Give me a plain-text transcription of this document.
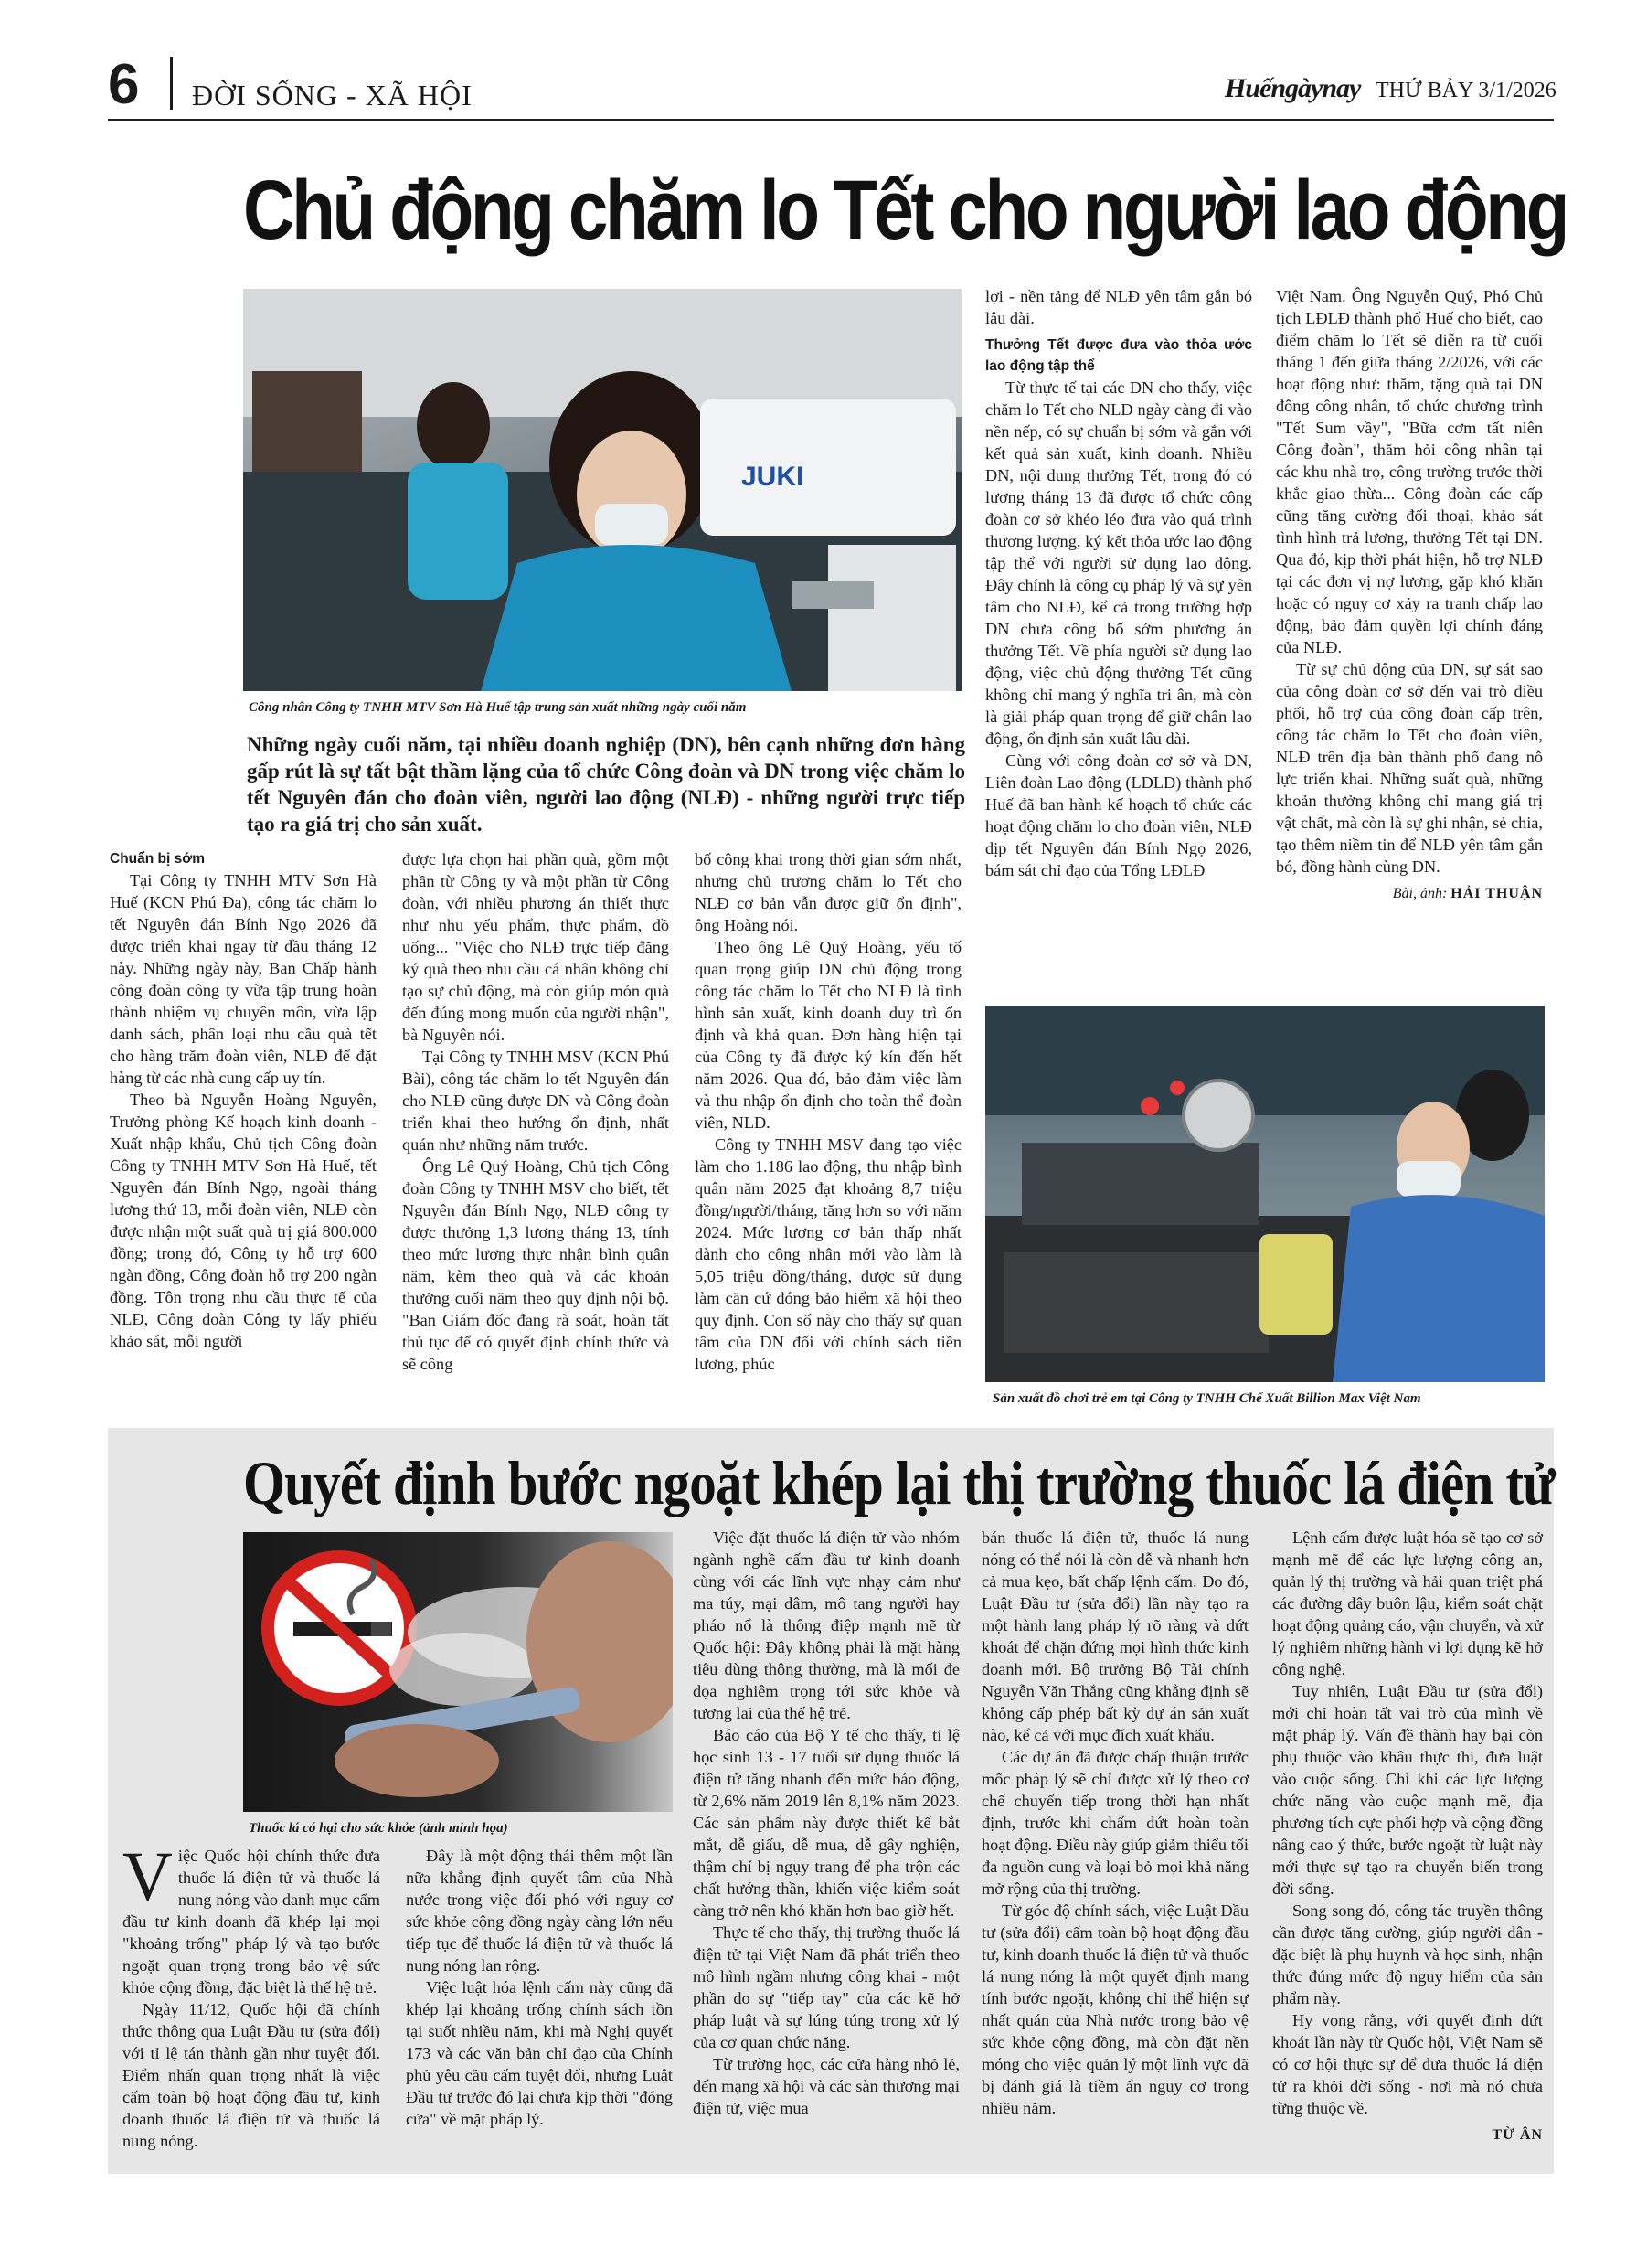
6 ĐỜI SỐNG - XÃ HỘI	Huếngàynay THỨ BẢY 3/1/2026
Chủ động chăm lo Tết cho người lao động
JUKI
Công nhân Công ty TNHH MTV Sơn Hà Huế tập trung sản xuất những ngày cuối năm
Những ngày cuối năm, tại nhiều doanh nghiệp (DN), bên cạnh những đơn hàng gấp rút là sự tất bật thầm lặng của tổ chức Công đoàn và DN trong việc chăm lo tết Nguyên đán cho đoàn viên, người lao động (NLĐ) - những người trực tiếp tạo ra giá trị cho sản xuất.
Chuẩn bị sớm

Tại Công ty TNHH MTV Sơn Hà Huế (KCN Phú Đa), công tác chăm lo tết Nguyên đán Bính Ngọ 2026 đã được triển khai ngay từ đầu tháng 12 này. Những ngày này, Ban Chấp hành công đoàn công ty vừa tập trung hoàn thành nhiệm vụ chuyên môn, vừa lập danh sách, phân loại nhu cầu quà tết cho hàng trăm đoàn viên, NLĐ để đặt hàng từ các nhà cung cấp uy tín.

Theo bà Nguyễn Hoàng Nguyên, Trưởng phòng Kế hoạch kinh doanh - Xuất nhập khẩu, Chủ tịch Công đoàn Công ty TNHH MTV Sơn Hà Huế, tết Nguyên đán Bính Ngọ, ngoài tháng lương thứ 13, mỗi đoàn viên, NLĐ còn được nhận một suất quà trị giá 800.000 đồng; trong đó, Công ty hỗ trợ 600 ngàn đồng, Công đoàn hỗ trợ 200 ngàn đồng. Tôn trọng nhu cầu thực tế của NLĐ, Công đoàn Công ty lấy phiếu khảo sát, mỗi người

được lựa chọn hai phần quà, gồm một phần từ Công ty và một phần từ Công đoàn, với nhiều phương án thiết thực như nhu yếu phẩm, thực phẩm, đồ uống... "Việc cho NLĐ trực tiếp đăng ký quà theo nhu cầu cá nhân không chỉ tạo sự chủ động, mà còn giúp món quà đến đúng mong muốn của người nhận", bà Nguyên nói.

Tại Công ty TNHH MSV (KCN Phú Bài), công tác chăm lo tết Nguyên đán cho NLĐ cũng được DN và Công đoàn triển khai theo hướng ổn định, nhất quán như những năm trước.

Ông Lê Quý Hoàng, Chủ tịch Công đoàn Công ty TNHH MSV cho biết, tết Nguyên đán Bính Ngọ, NLĐ công ty được thưởng 1,3 lương tháng 13, tính theo mức lương thực nhận bình quân năm, kèm theo quà và các khoản thưởng cuối năm theo quy định nội bộ. "Ban Giám đốc đang rà soát, hoàn tất thủ tục để có quyết định chính thức và sẽ công

bố công khai trong thời gian sớm nhất, nhưng chủ trương chăm lo Tết cho NLĐ cơ bản vẫn được giữ ổn định", ông Hoàng nói.

Theo ông Lê Quý Hoàng, yếu tố quan trọng giúp DN chủ động trong công tác chăm lo Tết cho NLĐ là tình hình sản xuất, kinh doanh duy trì ổn định và khả quan. Đơn hàng hiện tại của Công ty đã được ký kín đến hết năm 2026. Qua đó, bảo đảm việc làm và thu nhập ổn định cho toàn thể đoàn viên, NLĐ.

Công ty TNHH MSV đang tạo việc làm cho 1.186 lao động, thu nhập bình quân năm 2025 đạt khoảng 8,7 triệu đồng/người/tháng, tăng hơn so với năm 2024. Mức lương cơ bản thấp nhất dành cho công nhân mới vào làm là 5,05 triệu đồng/tháng, được sử dụng làm căn cứ đóng bảo hiểm xã hội theo quy định. Con số này cho thấy sự quan tâm của DN đối với chính sách tiền lương, phúc

lợi - nền tảng để NLĐ yên tâm gắn bó lâu dài.

Thưởng Tết được đưa vào thỏa ước lao động tập thể

Từ thực tế tại các DN cho thấy, việc chăm lo Tết cho NLĐ ngày càng đi vào nền nếp, có sự chuẩn bị sớm và gắn với kết quả sản xuất, kinh doanh. Nhiều DN, nội dung thưởng Tết, trong đó có lương tháng 13 đã được tổ chức công đoàn cơ sở khéo léo đưa vào quá trình thương lượng, ký kết thỏa ước lao động tập thể với người sử dụng lao động. Đây chính là công cụ pháp lý và sự yên tâm cho NLĐ, kể cả trong trường hợp DN chưa công bố sớm phương án thưởng Tết. Về phía người sử dụng lao động, việc chủ động thưởng Tết cũng không chỉ mang ý nghĩa tri ân, mà còn là giải pháp quan trọng để giữ chân lao động, ổn định sản xuất lâu dài.

Cùng với công đoàn cơ sở và DN, Liên đoàn Lao động (LĐLĐ) thành phố Huế đã ban hành kế hoạch tổ chức các hoạt động chăm lo cho đoàn viên, NLĐ dịp tết Nguyên đán Bính Ngọ 2026, bám sát chỉ đạo của Tổng LĐLĐ

Việt Nam. Ông Nguyễn Quý, Phó Chủ tịch LĐLĐ thành phố Huế cho biết, cao điểm chăm lo Tết sẽ diễn ra từ cuối tháng 1 đến giữa tháng 2/2026, với các hoạt động như: thăm, tặng quà tại DN đông công nhân, tổ chức chương trình "Tết Sum vầy", "Bữa cơm tất niên Công đoàn", thăm hỏi công nhân tại các khu nhà trọ, công trường trước thời khắc giao thừa... Công đoàn các cấp cũng tăng cường đối thoại, khảo sát tình hình trả lương, thưởng Tết tại DN. Qua đó, kịp thời phát hiện, hỗ trợ NLĐ tại các đơn vị nợ lương, gặp khó khăn hoặc có nguy cơ xảy ra tranh chấp lao động, bảo đảm quyền lợi chính đáng của NLĐ.

Từ sự chủ động của DN, sự sát sao của công đoàn cơ sở đến vai trò điều phối, hỗ trợ của công đoàn cấp trên, công tác chăm lo Tết cho đoàn viên, NLĐ trên địa bàn thành phố đang nỗ lực triển khai. Những suất quà, những khoản thưởng không chỉ mang giá trị vật chất, mà còn là sự ghi nhận, sẻ chia, tạo thêm niềm tin để NLĐ yên tâm gắn bó, đồng hành cùng DN.

Bài, ảnh: HẢI THUẬN
Sản xuất đồ chơi trẻ em tại Công ty TNHH Chế Xuất Billion Max Việt Nam
Quyết định bước ngoặt khép lại thị trường thuốc lá điện tử
Thuốc lá có hại cho sức khỏe (ảnh minh họa)

Việc Quốc hội chính thức đưa thuốc lá điện tử và thuốc lá nung nóng vào danh mục cấm đầu tư kinh doanh đã khép lại mọi "khoảng trống" pháp lý và tạo bước ngoặt quan trọng trong bảo vệ sức khỏe cộng đồng, đặc biệt là thế hệ trẻ.

Ngày 11/12, Quốc hội đã chính thức thông qua Luật Đầu tư (sửa đổi) với tỉ lệ tán thành gần như tuyệt đối. Điểm nhấn quan trọng nhất là việc cấm toàn bộ hoạt động đầu tư, kinh doanh thuốc lá điện tử và thuốc lá nung nóng.

Đây là một động thái thêm một lần nữa khẳng định quyết tâm của Nhà nước trong việc đối phó với nguy cơ sức khỏe cộng đồng ngày càng lớn nếu tiếp tục để thuốc lá điện tử và thuốc lá nung nóng lan rộng.

Việc luật hóa lệnh cấm này cũng đã khép lại khoảng trống chính sách tồn tại suốt nhiều năm, khi mà Nghị quyết 173 và các văn bản chỉ đạo của Chính phủ yêu cầu cấm tuyệt đối, nhưng Luật Đầu tư trước đó lại chưa kịp thời "đóng cửa" về mặt pháp lý.

Việc đặt thuốc lá điện tử vào nhóm ngành nghề cấm đầu tư kinh doanh cùng với các lĩnh vực nhạy cảm như ma túy, mại dâm, mô tang người hay pháo nổ là thông điệp mạnh mẽ từ Quốc hội: Đây không phải là mặt hàng tiêu dùng thông thường, mà là mối đe dọa nghiêm trọng tới sức khỏe và tương lai của thế hệ trẻ.

Báo cáo của Bộ Y tế cho thấy, tỉ lệ học sinh 13 - 17 tuổi sử dụng thuốc lá điện tử tăng nhanh đến mức báo động, từ 2,6% năm 2019 lên 8,1% năm 2023. Các sản phẩm này được thiết kế bắt mắt, dễ giấu, dễ mua, dễ gây nghiện, thậm chí bị ngụy trang để pha trộn các chất hướng thần, khiến việc kiểm soát càng trở nên khó khăn hơn bao giờ hết.

Thực tế cho thấy, thị trường thuốc lá điện tử tại Việt Nam đã phát triển theo mô hình ngầm nhưng công khai - một phần do sự "tiếp tay" của các kẽ hở pháp luật và sự lúng túng trong xử lý của cơ quan chức năng.

Từ trường học, các cửa hàng nhỏ lẻ, đến mạng xã hội và các sàn thương mại điện tử, việc mua

bán thuốc lá điện tử, thuốc lá nung nóng có thể nói là còn dễ và nhanh hơn cả mua kẹo, bất chấp lệnh cấm. Do đó, Luật Đầu tư (sửa đổi) lần này tạo ra một hành lang pháp lý rõ ràng và dứt khoát để chặn đứng mọi hình thức kinh doanh mới. Bộ trưởng Bộ Tài chính Nguyễn Văn Thắng cũng khẳng định sẽ không cấp phép bất kỳ dự án sản xuất nào, kể cả với mục đích xuất khẩu.

Các dự án đã được chấp thuận trước mốc pháp lý sẽ chỉ được xử lý theo cơ chế chuyển tiếp trong thời hạn nhất định, trước khi chấm dứt hoàn toàn hoạt động. Điều này giúp giảm thiểu tối đa nguồn cung và loại bỏ mọi khả năng mở rộng của thị trường.

Từ góc độ chính sách, việc Luật Đầu tư (sửa đổi) cấm toàn bộ hoạt động đầu tư, kinh doanh thuốc lá điện tử và thuốc lá nung nóng là một quyết định mang tính bước ngoặt, không chỉ thể hiện sự nhất quán của Nhà nước trong bảo vệ sức khỏe cộng đồng, mà còn đặt nền móng cho việc quản lý một lĩnh vực đã bị đánh giá là tiềm ẩn nguy cơ trong nhiều năm.

Lệnh cấm được luật hóa sẽ tạo cơ sở mạnh mẽ để các lực lượng công an, quản lý thị trường và hải quan triệt phá các đường dây buôn lậu, kiểm soát chặt hoạt động quảng cáo, vận chuyển, và xử lý nghiêm những hành vi lợi dụng kẽ hở công nghệ.

Tuy nhiên, Luật Đầu tư (sửa đổi) mới chỉ hoàn tất vai trò của mình về mặt pháp lý. Vấn đề thành hay bại còn phụ thuộc vào khâu thực thi, đưa luật vào cuộc sống. Chỉ khi các lực lượng chức năng vào cuộc mạnh mẽ, địa phương tích cực phối hợp và cộng đồng nâng cao ý thức, bước ngoặt từ luật này mới thực sự tạo ra chuyển biến trong đời sống.

Song song đó, công tác truyền thông cần được tăng cường, giúp người dân - đặc biệt là phụ huynh và học sinh, nhận thức đúng mức độ nguy hiểm của sản phẩm này.

Hy vọng rằng, với quyết định dứt khoát lần này từ Quốc hội, Việt Nam sẽ có cơ hội thực sự để đưa thuốc lá điện tử ra khỏi đời sống - nơi mà nó chưa từng thuộc về.

TỪ ÂN
